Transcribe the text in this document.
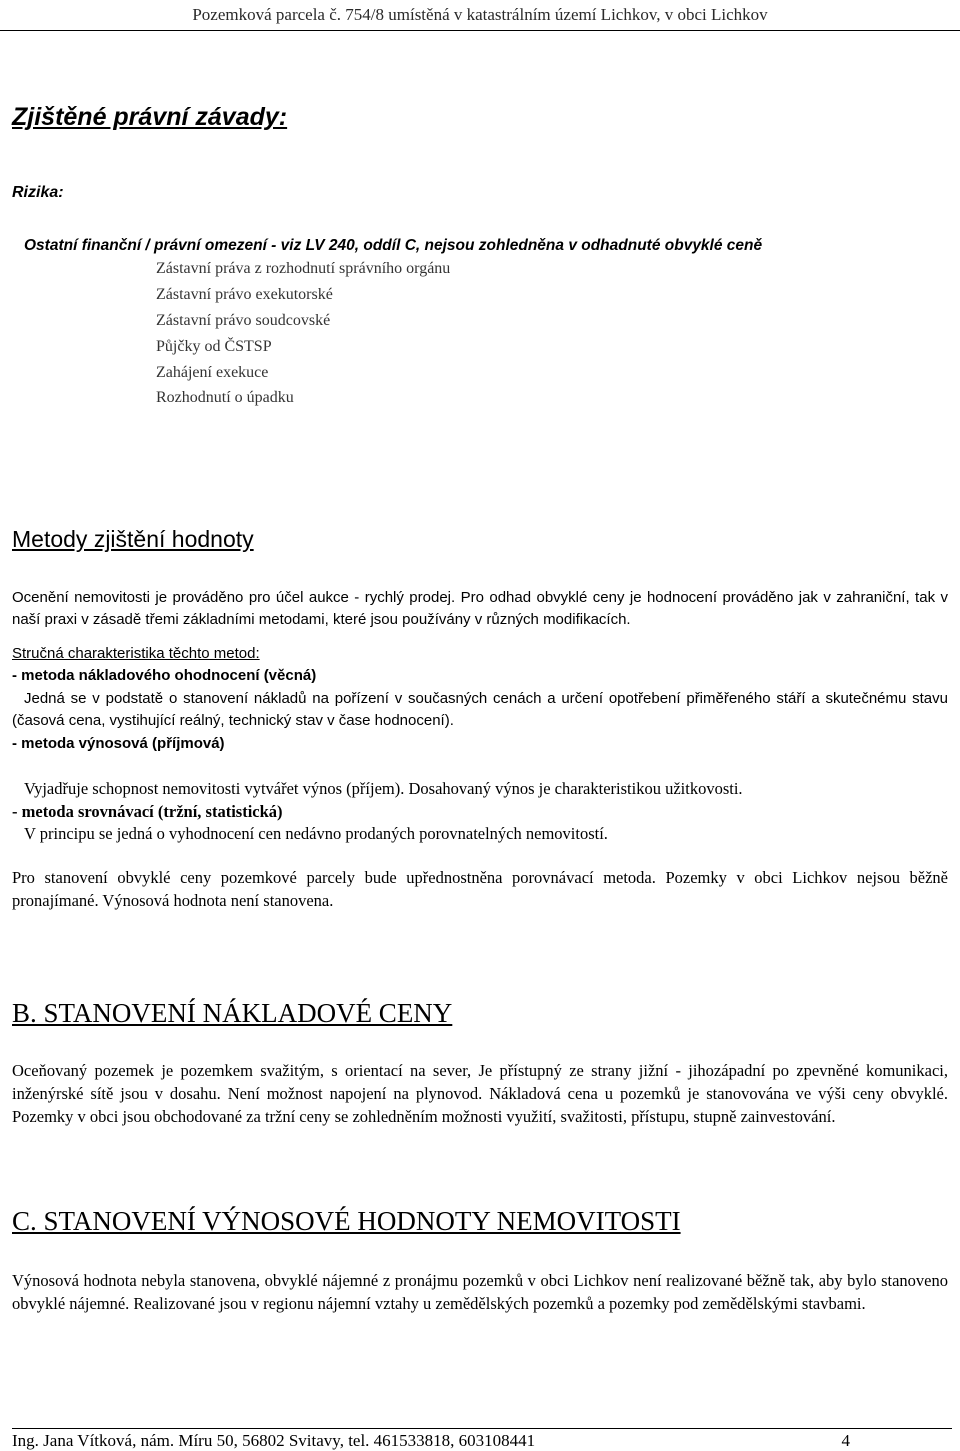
Pozemková parcela č. 754/8 umístěná v katastrálním území Lichkov, v obci Lichkov
Zjištěné právní závady:
Rizika:
Ostatní finanční / právní omezení - viz LV 240, oddíl C, nejsou zohledněna v odhadnuté obvyklé ceně
Zástavní práva z rozhodnutí správního orgánu
Zástavní právo exekutorské
Zástavní právo soudcovské
Půjčky od ČSTSP
Zahájení exekuce
Rozhodnutí o úpadku
Metody zjištění hodnoty
Ocenění nemovitosti je prováděno pro účel aukce - rychlý prodej. Pro odhad obvyklé ceny je hodnocení prováděno jak v zahraniční, tak v naší praxi v zásadě třemi základními metodami, které jsou používány v různých modifikacích.
Stručná charakteristika těchto metod:
- metoda nákladového ohodnocení (věcná)
Jedná se v podstatě o stanovení nákladů na pořízení v současných cenách a určení opotřebení přiměřeného stáří a skutečnému stavu (časová cena, vystihující reálný, technický stav v čase hodnocení).
- metoda výnosová (příjmová)
Vyjadřuje schopnost nemovitosti vytvářet výnos (příjem). Dosahovaný výnos je charakteristikou užitkovosti.
- metoda srovnávací (tržní, statistická)
V principu se jedná o vyhodnocení cen nedávno prodaných porovnatelných nemovitostí.
Pro stanovení obvyklé ceny pozemkové parcely bude upřednostněna porovnávací metoda. Pozemky v obci Lichkov nejsou běžně pronajímané. Výnosová hodnota není stanovena.
B. STANOVENÍ NÁKLADOVÉ CENY
Oceňovaný pozemek je pozemkem svažitým, s orientací na sever, Je přístupný ze strany jižní - jihozápadní po zpevněné komunikaci, inženýrské sítě jsou v dosahu. Není možnost napojení na plynovod. Nákladová cena u pozemků je stanovována ve výši ceny obvyklé. Pozemky v obci jsou obchodované za tržní ceny se zohledněním možnosti využití, svažitosti, přístupu, stupně zainvestování.
C. STANOVENÍ VÝNOSOVÉ HODNOTY NEMOVITOSTI
Výnosová hodnota nebyla stanovena, obvyklé nájemné z pronájmu pozemků v obci Lichkov není realizované běžně tak, aby bylo stanoveno obvyklé nájemné. Realizované jsou v regionu nájemní vztahy u zemědělských pozemků a pozemky pod zemědělskými stavbami.
Ing. Jana Vítková, nám. Míru 50, 56802 Svitavy, tel. 461533818, 603108441	4
